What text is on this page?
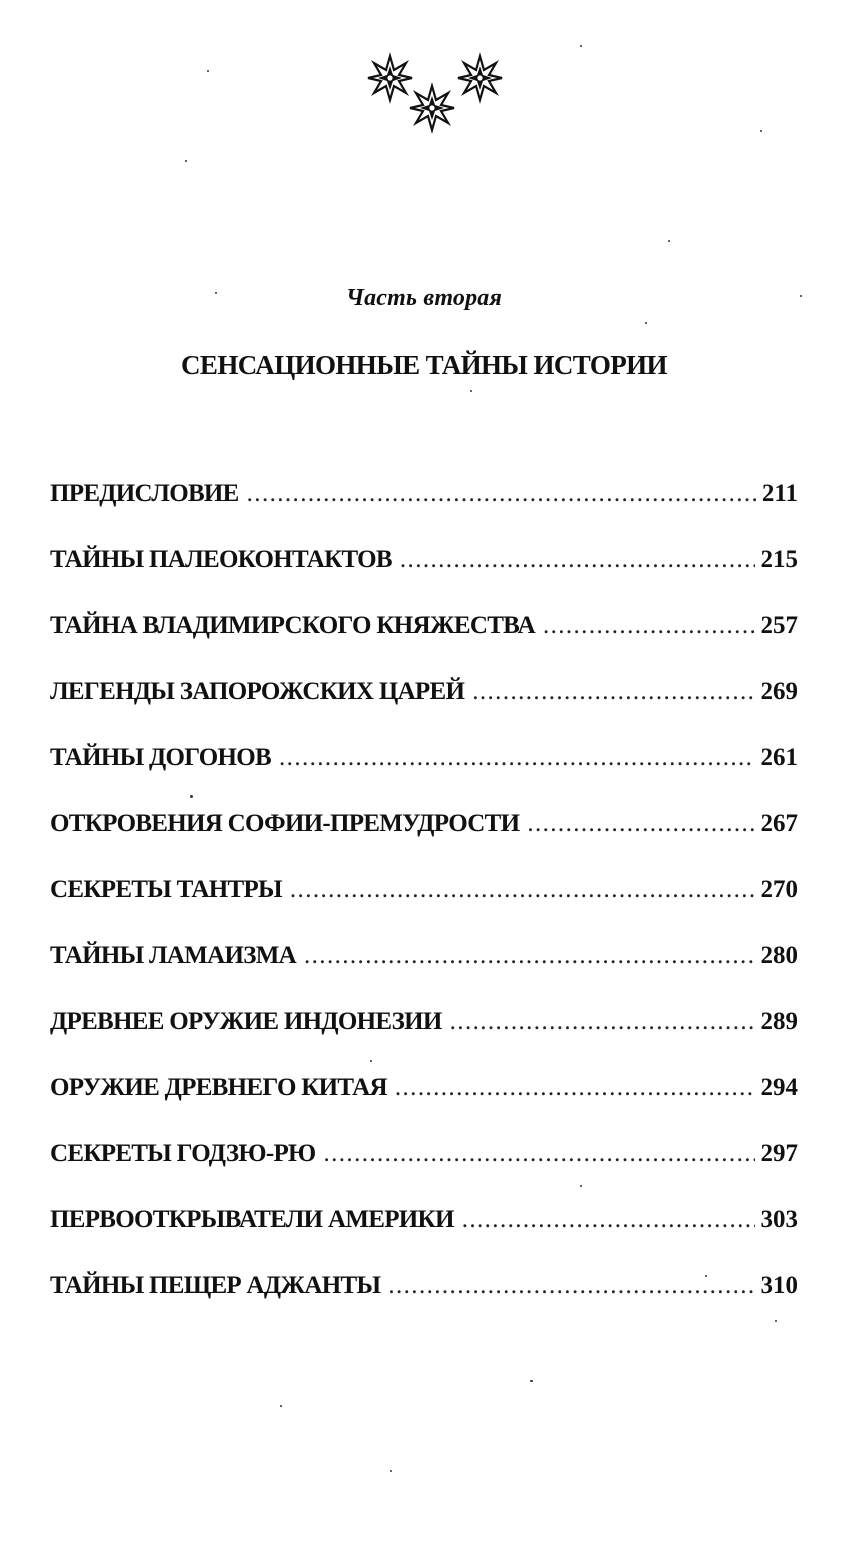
Часть вторая
СЕНСАЦИОННЫЕ ТАЙНЫ ИСТОРИИ
ПРЕДИСЛОВИЕ .....	211
ТАЙНЫ ПАЛЕОКОНТАКТОВ .....	215
ТАЙНА ВЛАДИМИРСКОГО КНЯЖЕСТВА .....	257
ЛЕГЕНДЫ ЗАПОРОЖСКИХ ЦАРЕЙ .....	269
ТАЙНЫ ДОГОНОВ .....	261
ОТКРОВЕНИЯ СОФИИ-ПРЕМУДРОСТИ .....	267
СЕКРЕТЫ ТАНТРЫ .....	270
ТАЙНЫ ЛАМАИЗМА .....	280
ДРЕВНЕЕ ОРУЖИЕ ИНДОНЕЗИИ .....	289
ОРУЖИЕ ДРЕВНЕГО КИТАЯ .....	294
СЕКРЕТЫ ГОДЗЮ-РЮ .....	297
ПЕРВООТКРЫВАТЕЛИ АМЕРИКИ .....	303
ТАЙНЫ ПЕЩЕР АДЖАНТЫ .....	310
